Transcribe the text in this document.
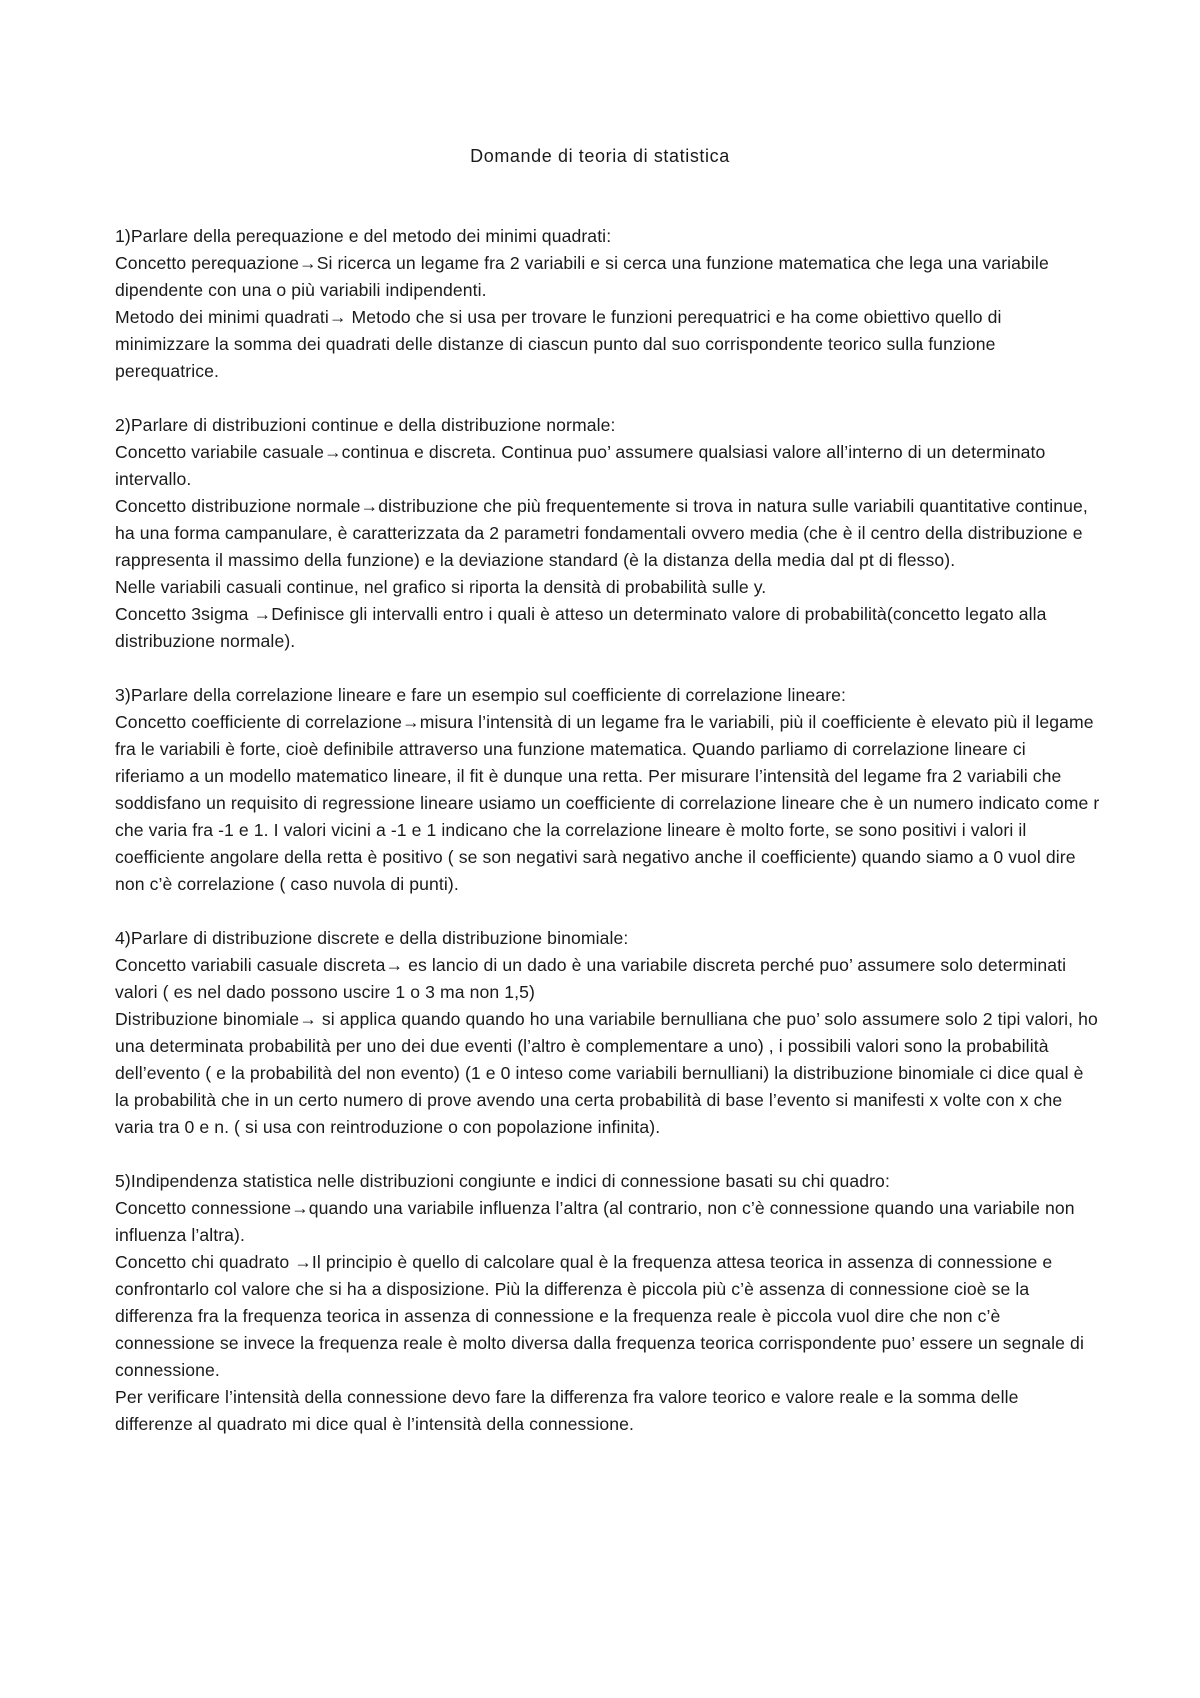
Domande di teoria di statistica
1)Parlare della perequazione e del metodo dei minimi quadrati:
Concetto perequazione→Si ricerca un legame fra 2 variabili e si cerca una funzione matematica che lega una variabile dipendente con una o più variabili indipendenti.
Metodo dei minimi quadrati→ Metodo che si usa per trovare le funzioni perequatrici e ha come obiettivo quello di minimizzare la somma dei quadrati delle distanze di ciascun punto dal suo corrispondente teorico sulla funzione perequatrice.
2)Parlare di distribuzioni continue e della distribuzione normale:
Concetto variabile casuale→continua e discreta. Continua puo’ assumere qualsiasi valore all’interno di un determinato intervallo.
Concetto distribuzione normale→distribuzione che più frequentemente si trova in natura sulle variabili quantitative continue, ha una forma campanulare, è caratterizzata da 2 parametri fondamentali ovvero media (che è il centro della distribuzione e rappresenta il massimo della funzione) e la deviazione standard (è la distanza della media dal pt di flesso).
Nelle variabili casuali continue, nel grafico si riporta la densità di probabilità sulle y.
Concetto 3sigma →Definisce gli intervalli entro i quali è atteso un determinato valore di probabilità(concetto legato alla distribuzione normale).
3)Parlare della correlazione lineare e fare un esempio sul coefficiente di correlazione lineare:
Concetto coefficiente di correlazione→misura l’intensità di un legame fra le variabili, più il coefficiente è elevato più il legame fra le variabili è forte, cioè definibile attraverso una funzione matematica. Quando parliamo di correlazione lineare ci riferiamo a un modello matematico lineare, il fit è dunque una retta. Per misurare l’intensità del legame fra 2 variabili che soddisfano un requisito di regressione lineare usiamo un coefficiente di correlazione lineare che è un numero indicato come r che varia fra -1 e 1. I valori vicini a -1 e 1 indicano che la correlazione lineare è molto forte, se sono positivi i valori il coefficiente angolare della retta è positivo ( se son negativi sarà negativo anche il coefficiente) quando siamo a 0 vuol dire non c’è correlazione ( caso nuvola di punti).
4)Parlare di distribuzione discrete e della distribuzione binomiale:
Concetto variabili casuale discreta→ es lancio di un dado è una variabile discreta perché puo’ assumere solo determinati valori ( es nel dado possono uscire 1 o 3 ma non 1,5)
Distribuzione binomiale→ si applica quando quando ho una variabile bernulliana che puo’ solo assumere solo 2 tipi valori, ho una determinata probabilità per uno dei due eventi (l’altro è complementare a uno) , i possibili valori sono la probabilità dell’evento ( e la probabilità del non evento) (1 e 0 inteso come variabili bernulliani) la distribuzione binomiale ci dice qual è la probabilità che in un certo numero di prove avendo una certa probabilità di base l’evento si manifesti x volte con x che varia tra 0 e n. ( si usa con reintroduzione o con popolazione infinita).
5)Indipendenza statistica nelle distribuzioni congiunte e indici di connessione basati su chi quadro:
Concetto connessione→quando una variabile influenza l’altra (al contrario, non c’è connessione quando una variabile non influenza l’altra).
Concetto chi quadrato →Il principio è quello di calcolare qual è la frequenza attesa teorica in assenza di connessione e confrontarlo col valore che si ha a disposizione. Più la differenza è piccola più c’è assenza di connessione cioè se la differenza fra la frequenza teorica in assenza di connessione e la frequenza reale è piccola vuol dire che non c’è connessione se invece la frequenza reale è molto diversa dalla frequenza teorica corrispondente puo’ essere un segnale di connessione.
Per verificare l’intensità della connessione devo fare la differenza fra valore teorico e valore reale e la somma delle differenze al quadrato mi dice qual è l’intensità della connessione.
